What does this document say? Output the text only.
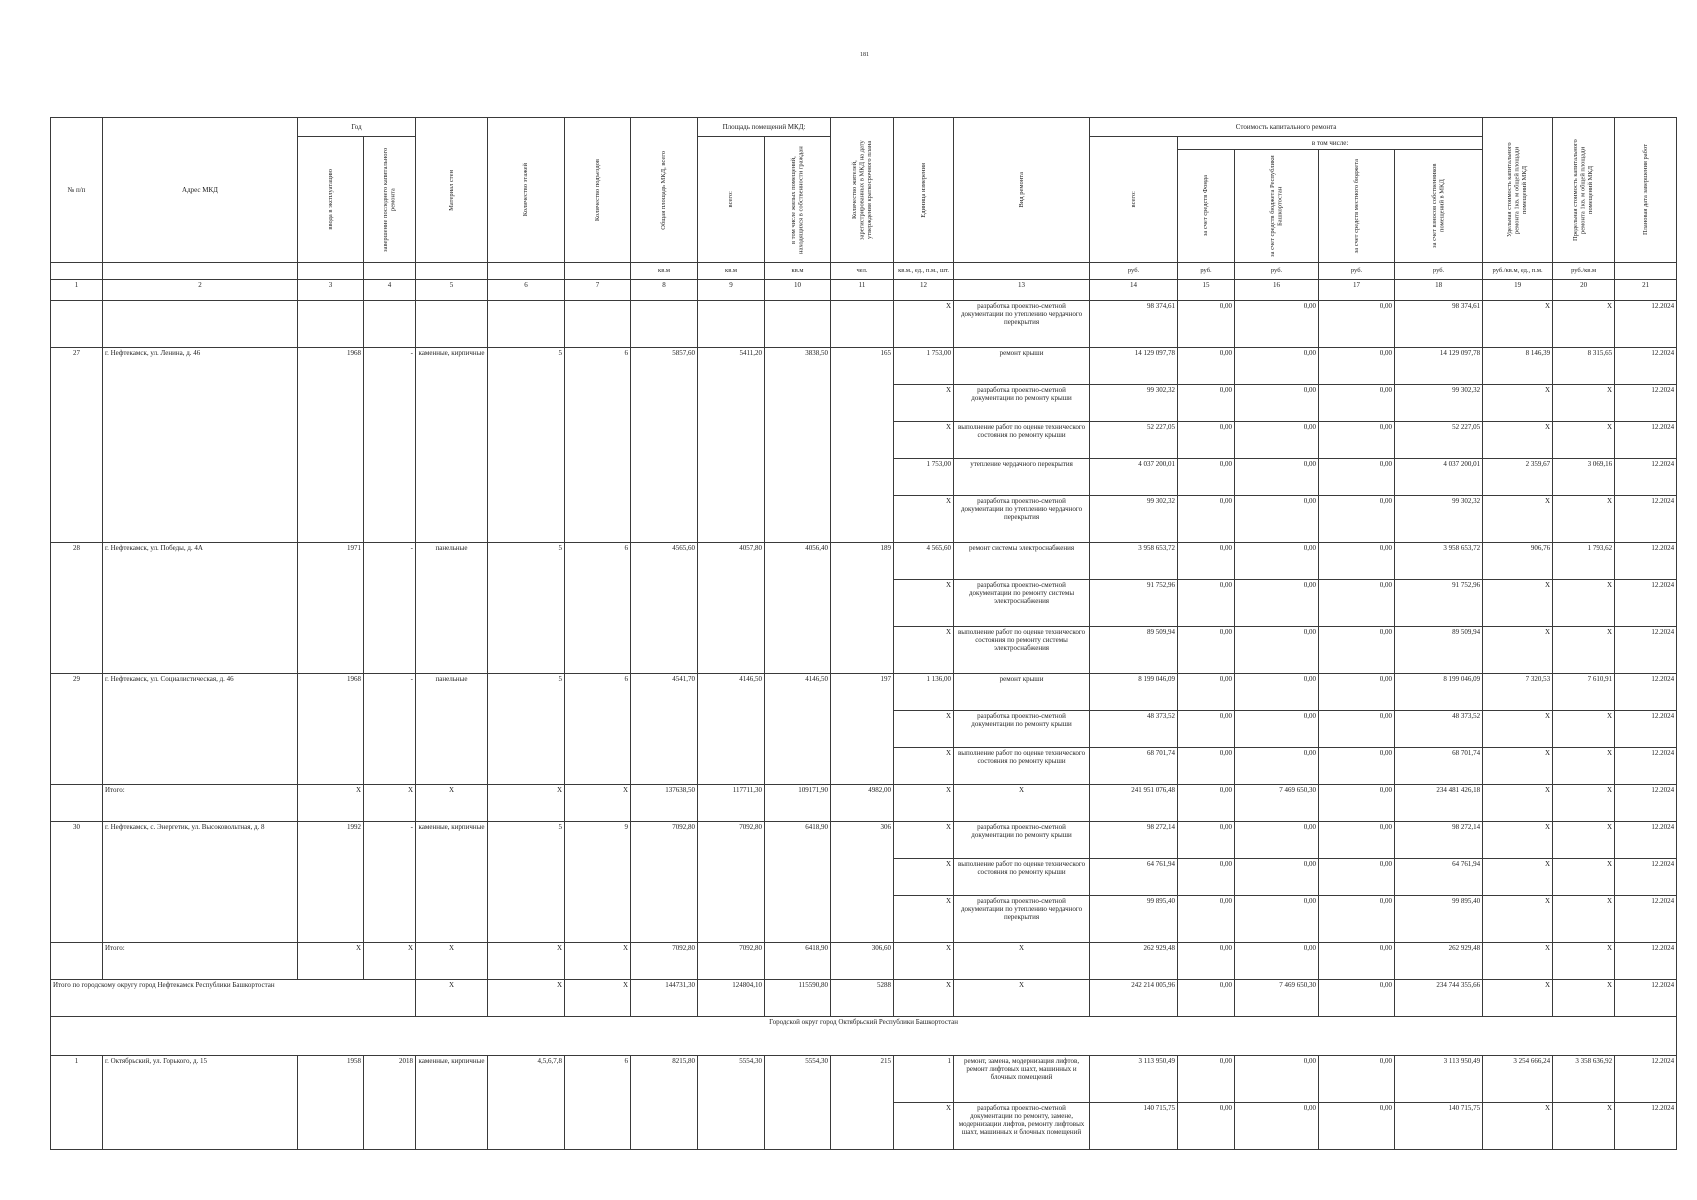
181
№ п/п	Адрес МКД	Год		Материал стен	Количество этажей	Количество подъездов	Общая площадь МКД, всего	Площадь помещений МКД:		Количество жителей, зарегистрированных в МКД на дату утверждения краткосрочного плана	Единица измерения	Вид ремонта	Стоимость капитального ремонта					Удельная стоимость капитального ремонта 1кв. м общей площади помещений МКД	Предельная стоимость капитального ремонта 1кв. м общей площади помещений МКД	Плановая дата завершения работ

		ввода в эксплуатацию	завершение последнего капитального ремонта					всего:	в том числе жилых помещений, находящихся в собственности граждан				всего:	в том числе:						

														за счет средств Фонда	за счет средств бюджета Республики Башкортостан	за счет средств местного бюджета	за счет взносов собственников помещений в МКД			

							кв.м	кв.м	кв.м	чел.	кв.м., ед., п.м., шт.		руб.	руб.	руб.	руб.	руб.	руб./кв.м, ед., п.м.	руб./кв.м	
1	2	3	4	5	6	7	8	9	10	11	12	13	14	15	16	17	18	19	20	21
											X	разработка проектно-сметной документации по утеплению чердачного перекрытия	98 374,61	0,00	0,00	0,00	98 374,61	X	X	12.2024
27	г. Нефтекамск, ул. Ленина, д. 46	1968	-	каменные, кирпичные	5	6	5857,60	5411,20	3838,50	165	1 753,00	ремонт крыши	14 129 097,78	0,00	0,00	0,00	14 129 097,78	8 146,39	8 315,65	12.2024
											X	разработка проектно-сметной документации по ремонту крыши	99 302,32	0,00	0,00	0,00	99 302,32	X	X	12.2024
											X	выполнение работ по оценке технического состояния по ремонту крыши	52 227,05	0,00	0,00	0,00	52 227,05	X	X	12.2024
											1 753,00	утепление чердачного перекрытия	4 037 200,01	0,00	0,00	0,00	4 037 200,01	2 359,67	3 069,16	12.2024
											X	разработка проектно-сметной документации по утеплению чердачного перекрытия	99 302,32	0,00	0,00	0,00	99 302,32	X	X	12.2024
28	г. Нефтекамск, ул. Победы, д. 4А	1971	-	панельные	5	6	4565,60	4057,80	4056,40	189	4 565,60	ремонт системы электроснабжения	3 958 653,72	0,00	0,00	0,00	3 958 653,72	906,76	1 793,62	12.2024
											X	разработка проектно-сметной документации по ремонту системы электроснабжения	91 752,96	0,00	0,00	0,00	91 752,96	X	X	12.2024
											X	выполнение работ по оценке технического состояния по ремонту системы электроснабжения	89 509,94	0,00	0,00	0,00	89 509,94	X	X	12.2024
29	г. Нефтекамск, ул. Социалистическая, д. 46	1968	-	панельные	5	6	4541,70	4146,50	4146,50	197	1 136,00	ремонт крыши	8 199 046,09	0,00	0,00	0,00	8 199 046,09	7 320,53	7 610,91	12.2024
											X	разработка проектно-сметной документации по ремонту крыши	48 373,52	0,00	0,00	0,00	48 373,52	X	X	12.2024
											X	выполнение работ по оценке технического состояния по ремонту крыши	68 701,74	0,00	0,00	0,00	68 701,74	X	X	12.2024
	Итого:	X	X	X	X	X	137638,50	117711,30	109171,90	4982,00	X	X	241 951 076,48	0,00	7 469 650,30	0,00	234 481 426,18	X	X	12.2024
30	г. Нефтекамск, с. Энергетик, ул. Высоковольтная, д. 8	1992	-	каменные, кирпичные	5	9	7092,80	7092,80	6418,90	306	X	разработка проектно-сметной документации по ремонту крыши	98 272,14	0,00	0,00	0,00	98 272,14	X	X	12.2024
											X	выполнение работ по оценке технического состояния по ремонту крыши	64 761,94	0,00	0,00	0,00	64 761,94	X	X	12.2024
											X	разработка проектно-сметной документации по утеплению чердачного перекрытия	99 895,40	0,00	0,00	0,00	99 895,40	X	X	12.2024
	Итого:	X	X	X	X	X	7092,80	7092,80	6418,90	306,60	X	X	262 929,48	0,00	0,00	0,00	262 929,48	X	X	12.2024
Итого по городскому округу город Нефтекамск Республики Башкортостан				X	X	X	144731,30	124804,10	115590,80	5288	X	X	242 214 005,96	0,00	7 469 650,30	0,00	234 744 355,66	X	X	12.2024
Городской округ город Октябрьский Республики Башкортостан																				
1	г. Октябрьский, ул. Горького, д. 15	1958	2018	каменные, кирпичные	4,5,6,7,8	6	8215,80	5554,30	5554,30	215	1	ремонт, замена, модернизация лифтов, ремонт лифтовых шахт, машинных и блочных помещений	3 113 950,49	0,00	0,00	0,00	3 113 950,49	3 254 666,24	3 358 636,92	12.2024
											X	разработка проектно-сметной документации по ремонту, замене, модернизации лифтов, ремонту лифтовых шахт, машинных и блочных помещений	140 715,75	0,00	0,00	0,00	140 715,75	X	X	12.2024
